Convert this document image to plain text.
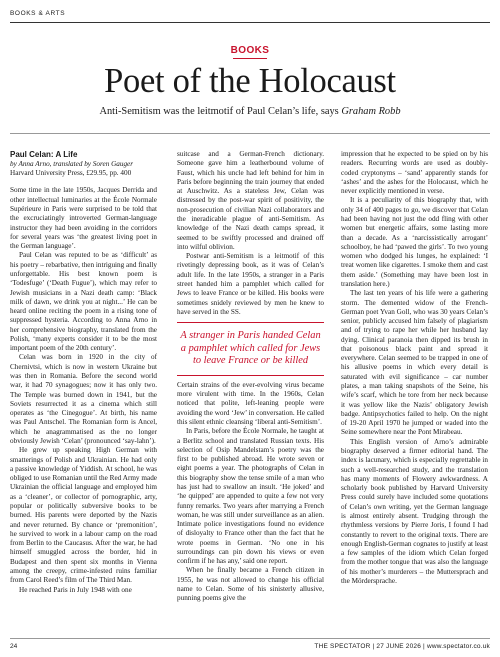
BOOKS & ARTS
BOOKS
Poet of the Holocaust
Anti-Semitism was the leitmotif of Paul Celan’s life, says Graham Robb
Paul Celan: A Life
by Anna Arno, translated by Soren Gauger
Harvard University Press, £29.95, pp. 400

Some time in the late 1950s, Jacques Derrida and other intellectual luminaries at the École Normale Supérieure in Paris were surprised to be told that the excruciatingly introverted German-language instructor they had been avoiding in the corridors for several years was ‘the greatest living poet in the German language’.

Paul Celan was reputed to be as ‘difficult’ as his poetry – rebarbative, then intriguing and finally unforgettable. His best known poem is ‘Todesfuge’ (‘Death Fugue’), which may refer to Jewish musicians in a Nazi death camp: ‘Black milk of dawn, we drink you at night...’ He can be heard online reciting the poem in a rising tone of suppressed hysteria. According to Anna Arno in her comprehensive biography, translated from the Polish, ‘many experts consider it to be the most important poem of the 20th century’.

Celan was born in 1920 in the city of Chernivtsi, which is now in western Ukraine but was then in Romania. Before the second world war, it had 70 synagogues; now it has only two. The Temple was burned down in 1941, but the Soviets resurrected it as a cinema which still operates as ‘the Cinegogue’. At birth, his name was Paul Antschel. The Romanian form is Ancel, which he anagrammatised as the no longer obviously Jewish ‘Celan’ (pronounced ‘say-lahn’).

He grew up speaking High German with smatterings of Polish and Ukrainian. He had only a passive knowledge of Yiddish. At school, he was obliged to use Romanian until the Red Army made Ukrainian the official language and employed him as a ‘cleaner’, or collector of pornographic, arty, popular or politically subversive books to be burned. His parents were deported by the Nazis and never returned. By chance or ‘premonition’, he survived to work in a labour camp on the road from Berlin to the Caucasus. After the war, he had himself smuggled across the border, hid in Budapest and then spent six months in Vienna among the creepy, crime-infested ruins familiar from Carol Reed’s film of The Third Man.

He reached Paris in July 1948 with one

suitcase and a German-French dictionary. Someone gave him a leatherbound volume of Faust, which his uncle had left behind for him in Paris before beginning the train journey that ended at Auschwitz. As a stateless Jew, Celan was distressed by the post-war spirit of positivity, the non-prosecution of civilian Nazi collaborators and the ineradicable plague of anti-Semitism. As knowledge of the Nazi death camps spread, it seemed to be swiftly processed and drained off into wilful oblivion.

Postwar anti-Semitism is a leitmotif of this rivetingly depressing book, as it was of Celan’s adult life. In the late 1950s, a stranger in a Paris street handed him a pamphlet which called for Jews to leave France or be killed. His books were sometimes snidely reviewed by men he knew to have served in the SS.

A stranger in Paris handed Celan a pamphlet which called for Jews to leave France or be killed

Certain strains of the ever-evolving virus became more virulent with time. In the 1960s, Celan noticed that polite, left-leaning people were avoiding the word ‘Jew’ in conversation. He called this silent ethnic cleansing ‘liberal anti-Semitism’.

In Paris, before the École Normale, he taught at a Berlitz school and translated Russian texts. His selection of Osip Mandelstam’s poetry was the first to be published abroad. He wrote seven or eight poems a year. The photographs of Celan in this biography show the tense smile of a man who has just had to swallow an insult. ‘He joked’ and ‘he quipped’ are appended to quite a few not very funny remarks. Two years after marrying a French woman, he was still under surveillance as an alien. Intimate police investigations found no evidence of disloyalty to France other than the fact that he wrote poems in German. ‘No one in his surroundings can pin down his views or even confirm if he has any,’ said one report.

When he finally became a French citizen in 1955, he was not allowed to change his official name to Celan. Some of his sinisterly allusive, punning poems give the

impression that he expected to be spied on by his readers. Recurring words are used as doubly-coded cryptonyms – ‘sand’ apparently stands for ‘ashes’ and the ashes for the Holocaust, which he never explicitly mentioned in verse.

It is a peculiarity of this biography that, with only 34 of 400 pages to go, we discover that Celan had been having not just the odd fling with other women but energetic affairs, some lasting more than a decade. As a ‘narcissistically arrogant’ schoolboy, he had ‘pawed the girls’. To two young women who dodged his lunges, he explained: ‘I treat women like cigarettes. I smoke them and cast them aside.’ (Something may have been lost in translation here.)

The last ten years of his life were a gathering storm. The demented widow of the French-German poet Yvan Goll, who was 30 years Celan’s senior, publicly accused him falsely of plagiarism and of trying to rape her while her husband lay dying. Clinical paranoia then dipped its brush in that poisonous black paint and spread it everywhere. Celan seemed to be trapped in one of his allusive poems in which every detail is saturated with evil significance – car number plates, a man taking snapshots of the Seine, his wife’s scarf, which he tore from her neck because it was yellow like the Nazis’ obligatory Jewish badge. Antipsychotics failed to help. On the night of 19-20 April 1970 he jumped or waded into the Seine somewhere near the Pont Mirabeau.

This English version of Arno’s admirable biography deserved a firmer editorial hand. The index is lacunary, which is especially regrettable in such a well-researched study, and the translation has many moments of Flowery awkwardness. A scholarly book published by Harvard University Press could surely have included some quotations of Celan’s own writing, yet the German language is almost entirely absent. Trudging through the rhythmless versions by Pierre Joris, I found I had constantly to revert to the original texts. There are enough English-German cognates to justify at least a few samples of the idiom which Celan forged from the mother tongue that was also the language of his mother’s murderers – the Muttersprach and the Mördersprache.

24	THE SPECTATOR | 27 JUNE 2026 | www.spectator.co.uk
